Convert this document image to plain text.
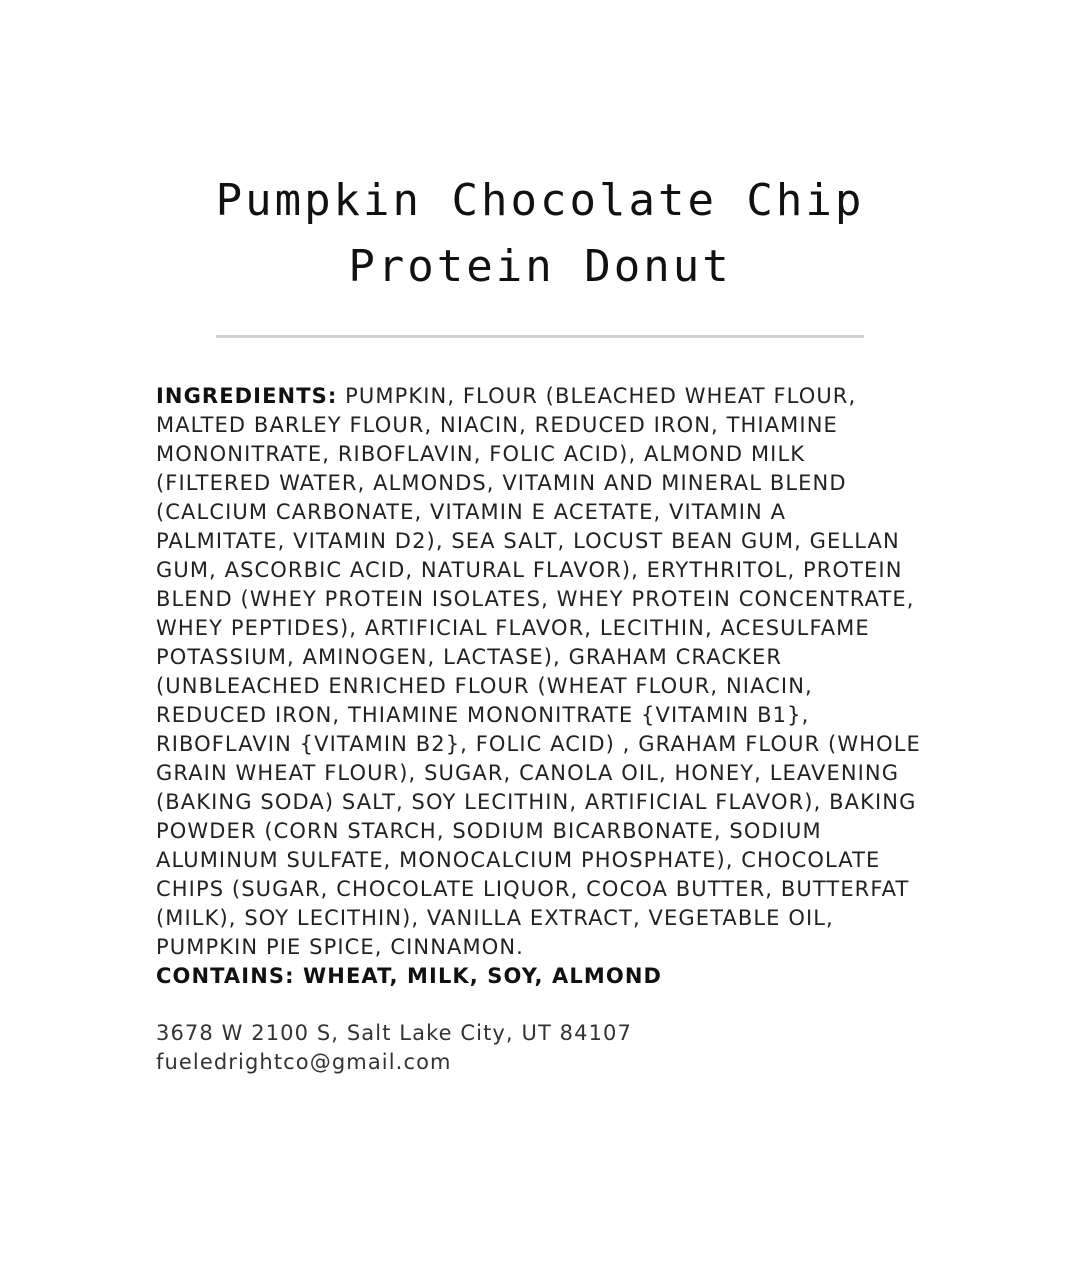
Pumpkin Chocolate Chip
Protein Donut
INGREDIENTS: PUMPKIN, FLOUR (BLEACHED WHEAT FLOUR,
MALTED BARLEY FLOUR, NIACIN, REDUCED IRON, THIAMINE
MONONITRATE, RIBOFLAVIN, FOLIC ACID), ALMOND MILK
(FILTERED WATER, ALMONDS, VITAMIN AND MINERAL BLEND
(CALCIUM CARBONATE, VITAMIN E ACETATE, VITAMIN A
PALMITATE, VITAMIN D2), SEA SALT, LOCUST BEAN GUM, GELLAN
GUM, ASCORBIC ACID, NATURAL FLAVOR), ERYTHRITOL, PROTEIN
BLEND (WHEY PROTEIN ISOLATES, WHEY PROTEIN CONCENTRATE,
WHEY PEPTIDES), ARTIFICIAL FLAVOR, LECITHIN, ACESULFAME
POTASSIUM, AMINOGEN, LACTASE), GRAHAM CRACKER
(UNBLEACHED ENRICHED FLOUR (WHEAT FLOUR, NIACIN,
REDUCED IRON, THIAMINE MONONITRATE {VITAMIN B1},
RIBOFLAVIN {VITAMIN B2}, FOLIC ACID) , GRAHAM FLOUR (WHOLE
GRAIN WHEAT FLOUR), SUGAR, CANOLA OIL, HONEY, LEAVENING
(BAKING SODA) SALT, SOY LECITHIN, ARTIFICIAL FLAVOR), BAKING
POWDER (CORN STARCH, SODIUM BICARBONATE, SODIUM
ALUMINUM SULFATE, MONOCALCIUM PHOSPHATE), CHOCOLATE
CHIPS (SUGAR, CHOCOLATE LIQUOR, COCOA BUTTER, BUTTERFAT
(MILK), SOY LECITHIN), VANILLA EXTRACT, VEGETABLE OIL,
PUMPKIN PIE SPICE, CINNAMON.
CONTAINS: WHEAT, MILK, SOY, ALMOND
3678 W 2100 S, Salt Lake City, UT 84107
fueledrightco@gmail.com
